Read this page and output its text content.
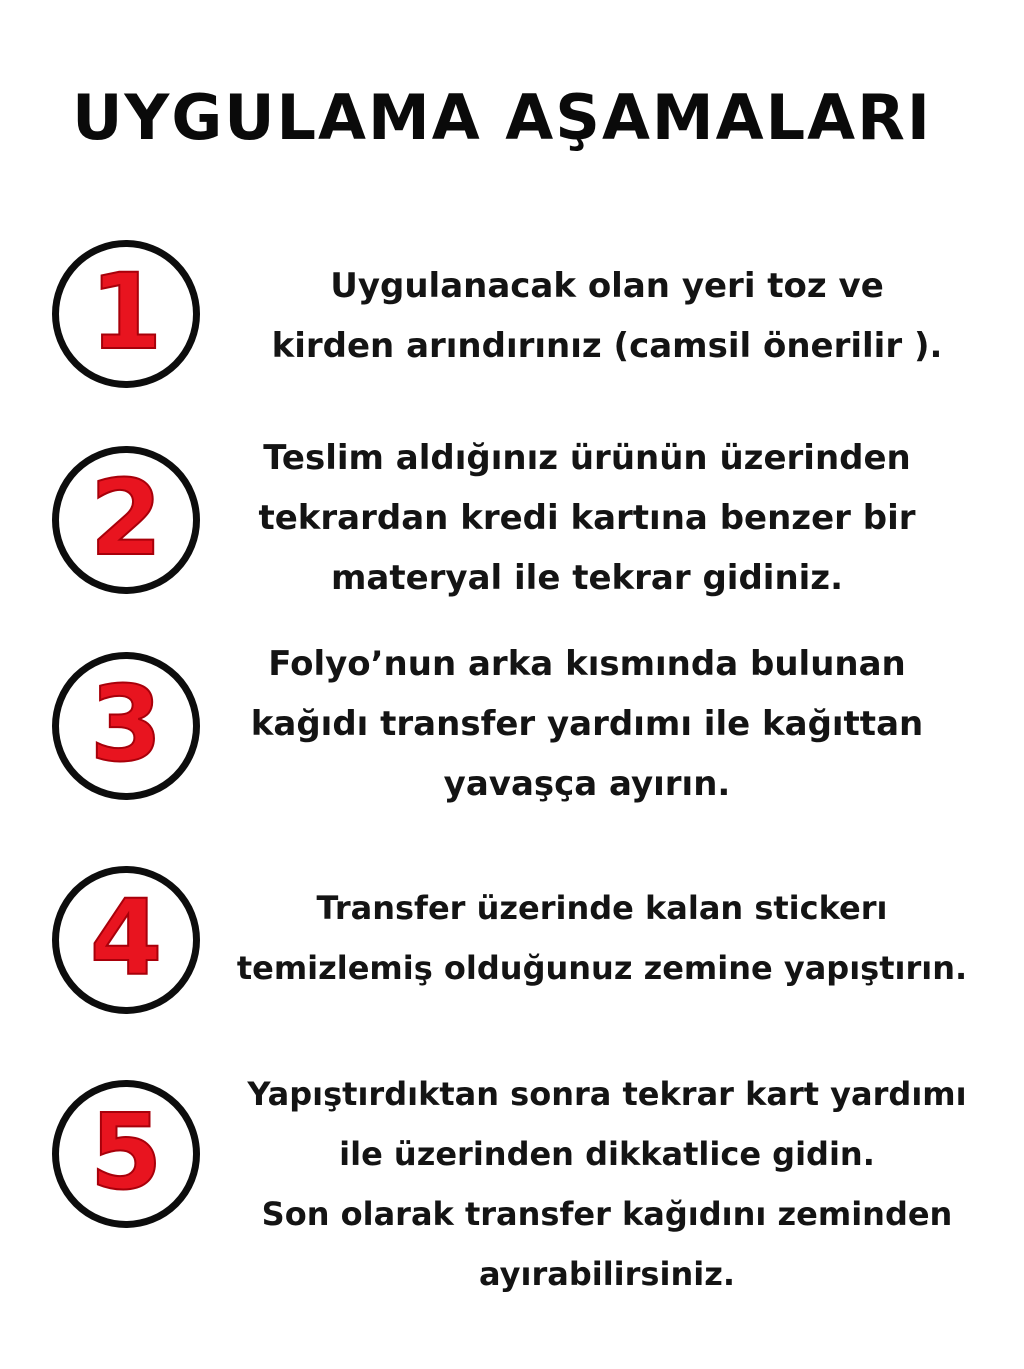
UYGULAMA AŞAMALARI
1	Uygulanacak olan yeri toz ve
kirden arındırınız (camsil önerilir ).
2	Teslim aldığınız ürünün üzerinden
tekrardan kredi kartına benzer bir
materyal ile tekrar gidiniz.
3	Folyo’nun arka kısmında bulunan
kağıdı transfer yardımı ile kağıttan
yavaşça ayırın.
4	Transfer üzerinde kalan stickerı
temizlemiş olduğunuz zemine yapıştırın.
5	Yapıştırdıktan sonra tekrar kart yardımı
ile üzerinden dikkatlice gidin.
Son olarak transfer kağıdını zeminden
ayırabilirsiniz.
